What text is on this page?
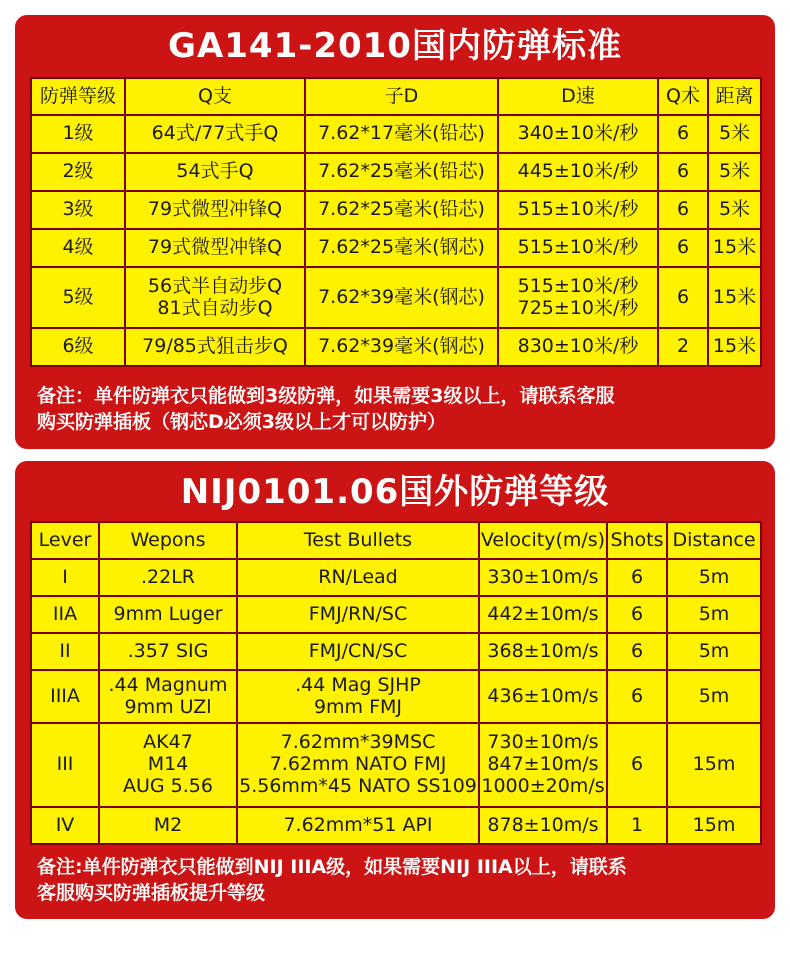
GA141-2010国内防弹标准
防弹等级	Q支	子D	D速	Q术	距离

1级	64式/77式手Q	7.62*17毫米(铅芯)	340±10米/秒	6	5米

2级	54式手Q	7.62*25毫米(铅芯)	445±10米/秒	6	5米

3级	79式微型冲锋Q	7.62*25毫米(铅芯)	515±10米/秒	6	5米

4级	79式微型冲锋Q	7.62*25毫米(钢芯)	515±10米/秒	6	15米

5级	56式半自动步Q
81式自动步Q	7.62*39毫米(钢芯)	515±10米/秒
725±10米/秒	6	15米

6级	79/85式狙击步Q	7.62*39毫米(钢芯)	830±10米/秒	2	15米
备注：单件防弹衣只能做到3级防弹，如果需要3级以上，请联系客服
购买防弹插板（钢芯D必须3级以上才可以防护）
NIJ0101.06国外防弹等级
Lever	Wepons	Test Bullets	Velocity(m/s)	Shots	Distance

I	.22LR	RN/Lead	330±10m/s	6	5m

IIA	9mm Luger	FMJ/RN/SC	442±10m/s	6	5m

II	.357 SIG	FMJ/CN/SC	368±10m/s	6	5m

IIIA	.44 Magnum
9mm UZl	.44 Mag SJHP
9mm FMJ	436±10m/s	6	5m

III	AK47
M14
AUG 5.56	7.62mm*39MSC
7.62mm NATO FMJ
5.56mm*45 NATO SS109	730±10m/s
847±10m/s
1000±20m/s	6	15m

IV	M2	7.62mm*51 API	878±10m/s	1	15m
备注:单件防弹衣只能做到NIJ IIIA级，如果需要NIJ IIIA以上，请联系
客服购买防弹插板提升等级
